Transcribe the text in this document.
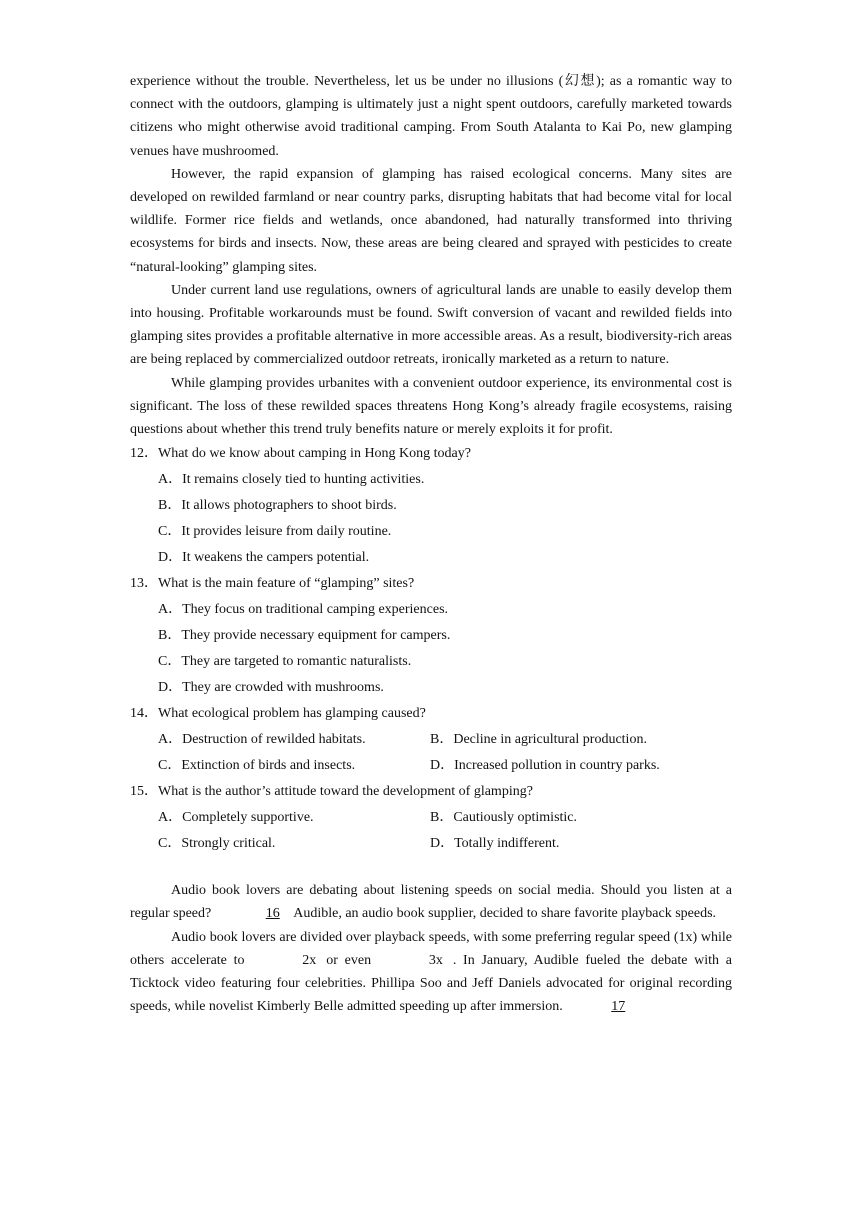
experience without the trouble. Nevertheless, let us be under no illusions (幻想); as a romantic way to connect with the outdoors, glamping is ultimately just a night spent outdoors, carefully marketed towards citizens who might otherwise avoid traditional camping. From South Atalanta to Kai Po, new glamping venues have mushroomed.

However, the rapid expansion of glamping has raised ecological concerns. Many sites are developed on rewilded farmland or near country parks, disrupting habitats that had become vital for local wildlife. Former rice fields and wetlands, once abandoned, had naturally transformed into thriving ecosystems for birds and insects. Now, these areas are being cleared and sprayed with pesticides to create “natural-looking” glamping sites.

Under current land use regulations, owners of agricultural lands are unable to easily develop them into housing. Profitable workarounds must be found. Swift conversion of vacant and rewilded fields into glamping sites provides a profitable alternative in more accessible areas. As a result, biodiversity-rich areas are being replaced by commercialized outdoor retreats, ironically marketed as a return to nature.

While glamping provides urbanites with a convenient outdoor experience, its environmental cost is significant. The loss of these rewilded spaces threatens Hong Kong’s already fragile ecosystems, raising questions about whether this trend truly benefits nature or merely exploits it for profit.

12．What do we know about camping in Hong Kong today?

A．It remains closely tied to hunting activities.

B．It allows photographers to shoot birds.

C．It provides leisure from daily routine.

D．It weakens the campers potential.

13．What is the main feature of “glamping” sites?

A．They focus on traditional camping experiences.

B．They provide necessary equipment for campers.

C．They are targeted to romantic naturalists.

D．They are crowded with mushrooms.

14．What ecological problem has glamping caused?

A．Destruction of rewilded habitats.	B．Decline in agricultural production.
C．Extinction of birds and insects.	D．Increased pollution in country parks.

15．What is the author’s attitude toward the development of glamping?

A．Completely supportive.	B．Cautiously optimistic.
C．Strongly critical.	D．Totally indifferent.

Audio book lovers are debating about listening speeds on social media. Should you listen at a regular speed?	16 Audible, an audio book supplier, decided to share favorite playback speeds.

Audio book lovers are divided over playback speeds, with some preferring regular speed (1x) while others accelerate to	2x or even	3x . In January, Audible fueled the debate with a Ticktock video featuring four celebrities. Phillipa Soo and Jeff Daniels advocated for original recording speeds, while novelist Kimberly Belle admitted speeding up after immersion.	17
